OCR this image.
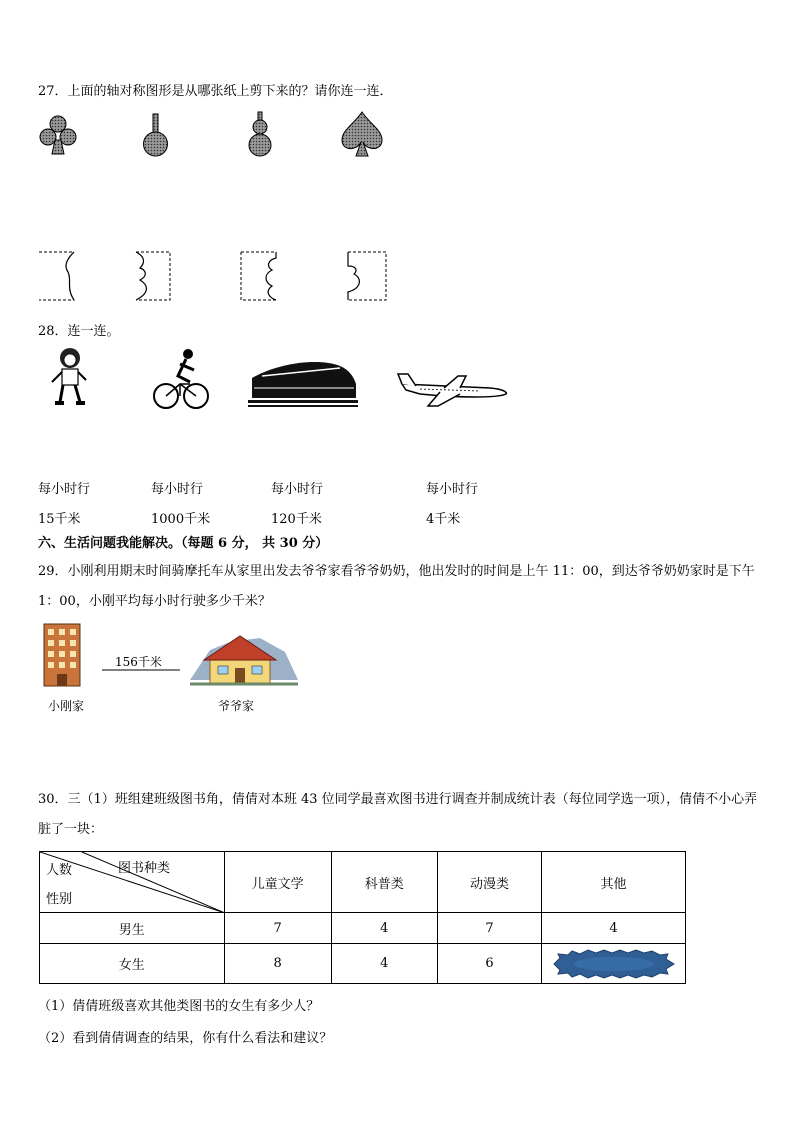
27．上面的轴对称图形是从哪张纸上剪下来的？请你连一连．
28．连一连。
每小时行	每小时行	每小时行	每小时行
15千米	1000千米	120千米	4千米
六、生活问题我能解决。（每题 6 分， 共 30 分）
29．小刚利用期末时间骑摩托车从家里出发去爷爷家看爷爷奶奶，他出发时的时间是上午 11：00，到达爷爷奶奶家时是下午 1：00，小刚平均每小时行驶多少千米？
156千米
小刚家	爷爷家
30．三（1）班组建班级图书角，倩倩对本班 43 位同学最喜欢图书进行调查并制成统计表（每位同学选一项），倩倩不小心弄脏了一块：
图书种类
人数
性别	儿童文学	科普类	动漫类	其他
男生	7	4	7	4
女生	8	4	6	
（1）倩倩班级喜欢其他类图书的女生有多少人？
（2）看到倩倩调查的结果，你有什么看法和建议？
